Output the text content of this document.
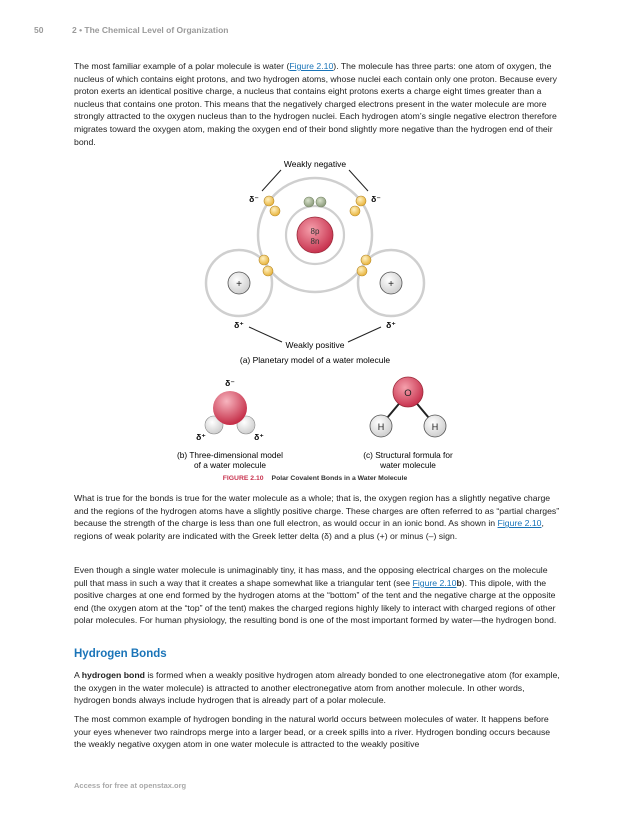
50	2 • The Chemical Level of Organization

The most familiar example of a polar molecule is water (Figure 2.10). The molecule has three parts: one atom of oxygen, the nucleus of which contains eight protons, and two hydrogen atoms, whose nuclei each contain only one proton. Because every proton exerts an identical positive charge, a nucleus that contains eight protons exerts a charge eight times greater than a nucleus that contains one proton. This means that the negatively charged electrons present in the water molecule are more strongly attracted to the oxygen nucleus than to the hydrogen nuclei. Each hydrogen atom’s single negative electron therefore migrates toward the oxygen atom, making the oxygen end of their bond slightly more negative than the hydrogen end of their bond.

Weakly negative
δ⁻	δ⁻
8p
8n
+	+
δ⁺	δ⁺
Weakly positive
(a) Planetary model of a water molecule
δ⁻
δ⁺	δ⁺
(b) Three-dimensional model
of a water molecule
O
H	H
(c) Structural formula for
water molecule
FIGURE 2.10 Polar Covalent Bonds in a Water Molecule

What is true for the bonds is true for the water molecule as a whole; that is, the oxygen region has a slightly negative charge and the regions of the hydrogen atoms have a slightly positive charge. These charges are often referred to as “partial charges” because the strength of the charge is less than one full electron, as would occur in an ionic bond. As shown in Figure 2.10, regions of weak polarity are indicated with the Greek letter delta (δ) and a plus (+) or minus (–) sign.

Even though a single water molecule is unimaginably tiny, it has mass, and the opposing electrical charges on the molecule pull that mass in such a way that it creates a shape somewhat like a triangular tent (see Figure 2.10b). This dipole, with the positive charges at one end formed by the hydrogen atoms at the “bottom” of the tent and the negative charge at the opposite end (the oxygen atom at the “top” of the tent) makes the charged regions highly likely to interact with charged regions of other polar molecules. For human physiology, the resulting bond is one of the most important formed by water—the hydrogen bond.

Hydrogen Bonds

A hydrogen bond is formed when a weakly positive hydrogen atom already bonded to one electronegative atom (for example, the oxygen in the water molecule) is attracted to another electronegative atom from another molecule. In other words, hydrogen bonds always include hydrogen that is already part of a polar molecule.

The most common example of hydrogen bonding in the natural world occurs between molecules of water. It happens before your eyes whenever two raindrops merge into a larger bead, or a creek spills into a river. Hydrogen bonding occurs because the weakly negative oxygen atom in one water molecule is attracted to the weakly positive

Access for free at openstax.org
